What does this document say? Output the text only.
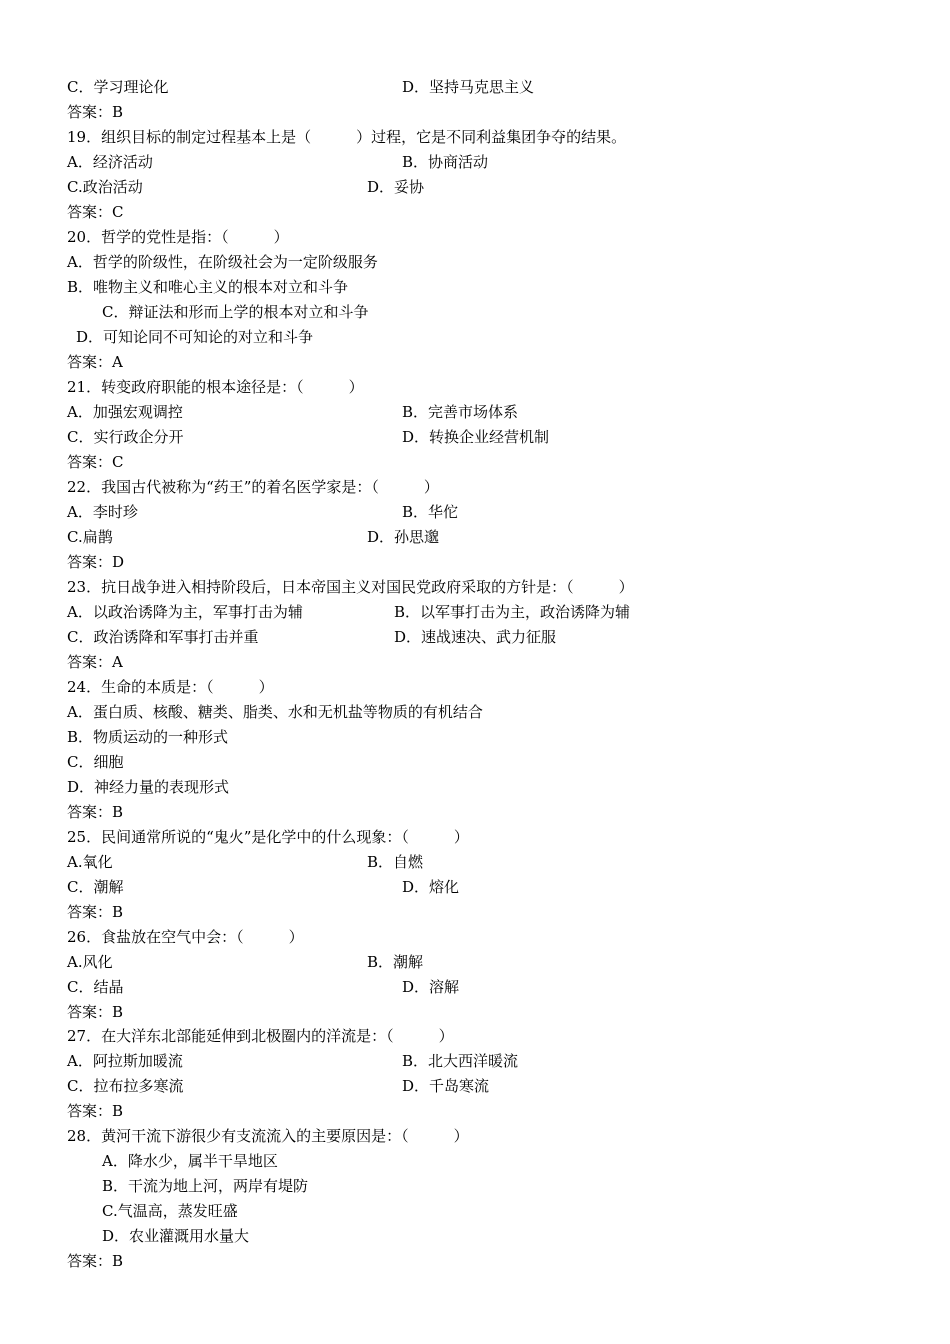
C．学习理论化	D．坚持马克思主义
答案：B
19．组织目标的制定过程基本上是（　　　）过程，它是不同利益集团争夺的结果。
A．经济活动	B．协商活动
C.政治活动	D．妥协
答案：C
20．哲学的党性是指：（　　　）
A．哲学的阶级性，在阶级社会为一定阶级服务
B．唯物主义和唯心主义的根本对立和斗争
C．辩证法和形而上学的根本对立和斗争
D．可知论同不可知论的对立和斗争
答案：A
21．转变政府职能的根本途径是：（　　　）
A．加强宏观调控	B．完善市场体系
C．实行政企分开	D．转换企业经营机制
答案：C
22．我国古代被称为“药王”的着名医学家是：（　　　）
A．李时珍	B．华佗
C.扁鹊	D．孙思邈
答案：D
23．抗日战争进入相持阶段后，日本帝国主义对国民党政府采取的方针是：（　　　）
A．以政治诱降为主，军事打击为辅	B．以军事打击为主，政治诱降为辅
C．政治诱降和军事打击并重	D．速战速决、武力征服
答案：A
24．生命的本质是：（　　　）
A．蛋白质、核酸、糖类、脂类、水和无机盐等物质的有机结合
B．物质运动的一种形式
C．细胞
D．神经力量的表现形式
答案：B
25．民间通常所说的“鬼火”是化学中的什么现象：（　　　）
A.氧化	B．自燃
C．潮解	D．熔化
答案：B
26．食盐放在空气中会：（　　　）
A.风化	B．潮解
C．结晶	D．溶解
答案：B
27．在大洋东北部能延伸到北极圈内的洋流是：（　　　）
A．阿拉斯加暖流	B．北大西洋暖流
C．拉布拉多寒流	D．千岛寒流
答案：B
28．黄河干流下游很少有支流流入的主要原因是：（　　　）
A．降水少，属半干旱地区
B．干流为地上河，两岸有堤防
C.气温高，蒸发旺盛
D．农业灌溉用水量大
答案：B
